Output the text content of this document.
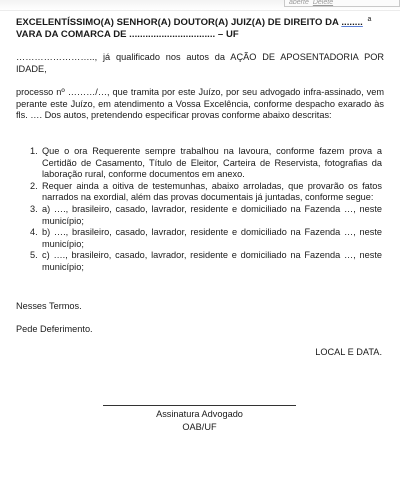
aberte Delete
EXCELENTÍSSIMO(A) SENHOR(A) DOUTOR(A) JUIZ(A) DE DIREITO DA ........ $^a$
VARA DA COMARCA DE ................................ – UF
…………………….., já qualificado nos autos da AÇÃO DE APOSENTADORIA POR IDADE,
processo nº ………/…, que tramita por este Juízo, por seu advogado infra-assinado, vem perante este Juízo, em atendimento a Vossa Excelência, conforme despacho exarado às fls. …. Dos autos, pretendendo especificar provas conforme abaixo descritas:
1. Que o ora Requerente sempre trabalhou na lavoura, conforme fazem prova a Certidão de Casamento, Título de Eleitor, Carteira de Reservista, fotografias da laboração rural, conforme documentos em anexo.
2. Requer ainda a oitiva de testemunhas, abaixo arroladas, que provarão os fatos narrados na exordial, além das provas documentais já juntadas, conforme segue:
3. a) …., brasileiro, casado, lavrador, residente e domiciliado na Fazenda …, neste município;
4. b) …., brasileiro, casado, lavrador, residente e domiciliado na Fazenda …, neste município;
5. c) …., brasileiro, casado, lavrador, residente e domiciliado na Fazenda …, neste município;
Nesses Termos.
Pede Deferimento.
LOCAL E DATA.
Assinatura Advogado
OAB/UF
